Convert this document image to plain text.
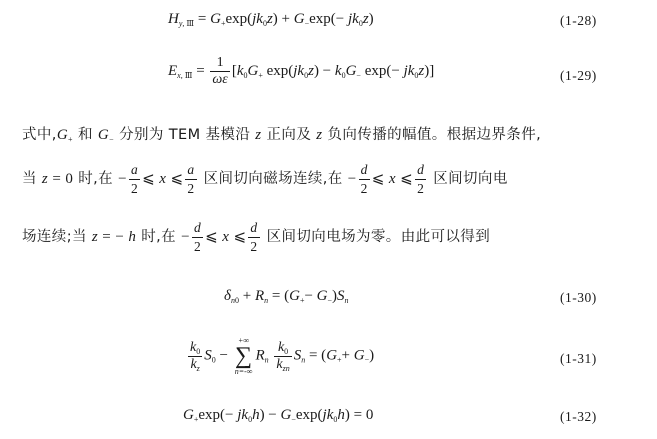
$H_{y, Ⅲ} = G_+\exp(jk_0z) + G_-\exp(- jk_0z)$	(1-28)
$E_{x, Ⅲ} = \frac{1}{\omega\varepsilon} [k_0G_+$ $\exp(jk_0z) - k_0G_-$ $\exp(- jk_0z)$]	(1-29)
式中$,G_+$ 和 $G_-$ 分别为 TEM 基模沿 z 正向及 z 负向传播的幅值。根据边界条件,
当 z = 0 时,在 − $\frac{a}{2}$ ⩽ x ⩽ $\frac{a}{2}$ 区间切向磁场连续,在 − $\frac{d}{2}$ ⩽ x ⩽ $\frac{d}{2}$ 区间切向电
场连续;当 z = − h 时,在 − $\frac{d}{2}$ ⩽ x ⩽ $\frac{d}{2}$ 区间切向电场为零。由此可以得到
$\delta_{n0} + R_n = (G_+- G_-)S_n$	(1-30)
$\frac{k_0}{k_z} S_0$ −
+∞
∑
n=-∞
$R_n \frac{k_0}{k_{zn}} S_n = (G_++ G_-)$	(1-31)
$G_+\exp(- jk_0h) - G_-\exp(jk_0h) = 0$	(1-32)
